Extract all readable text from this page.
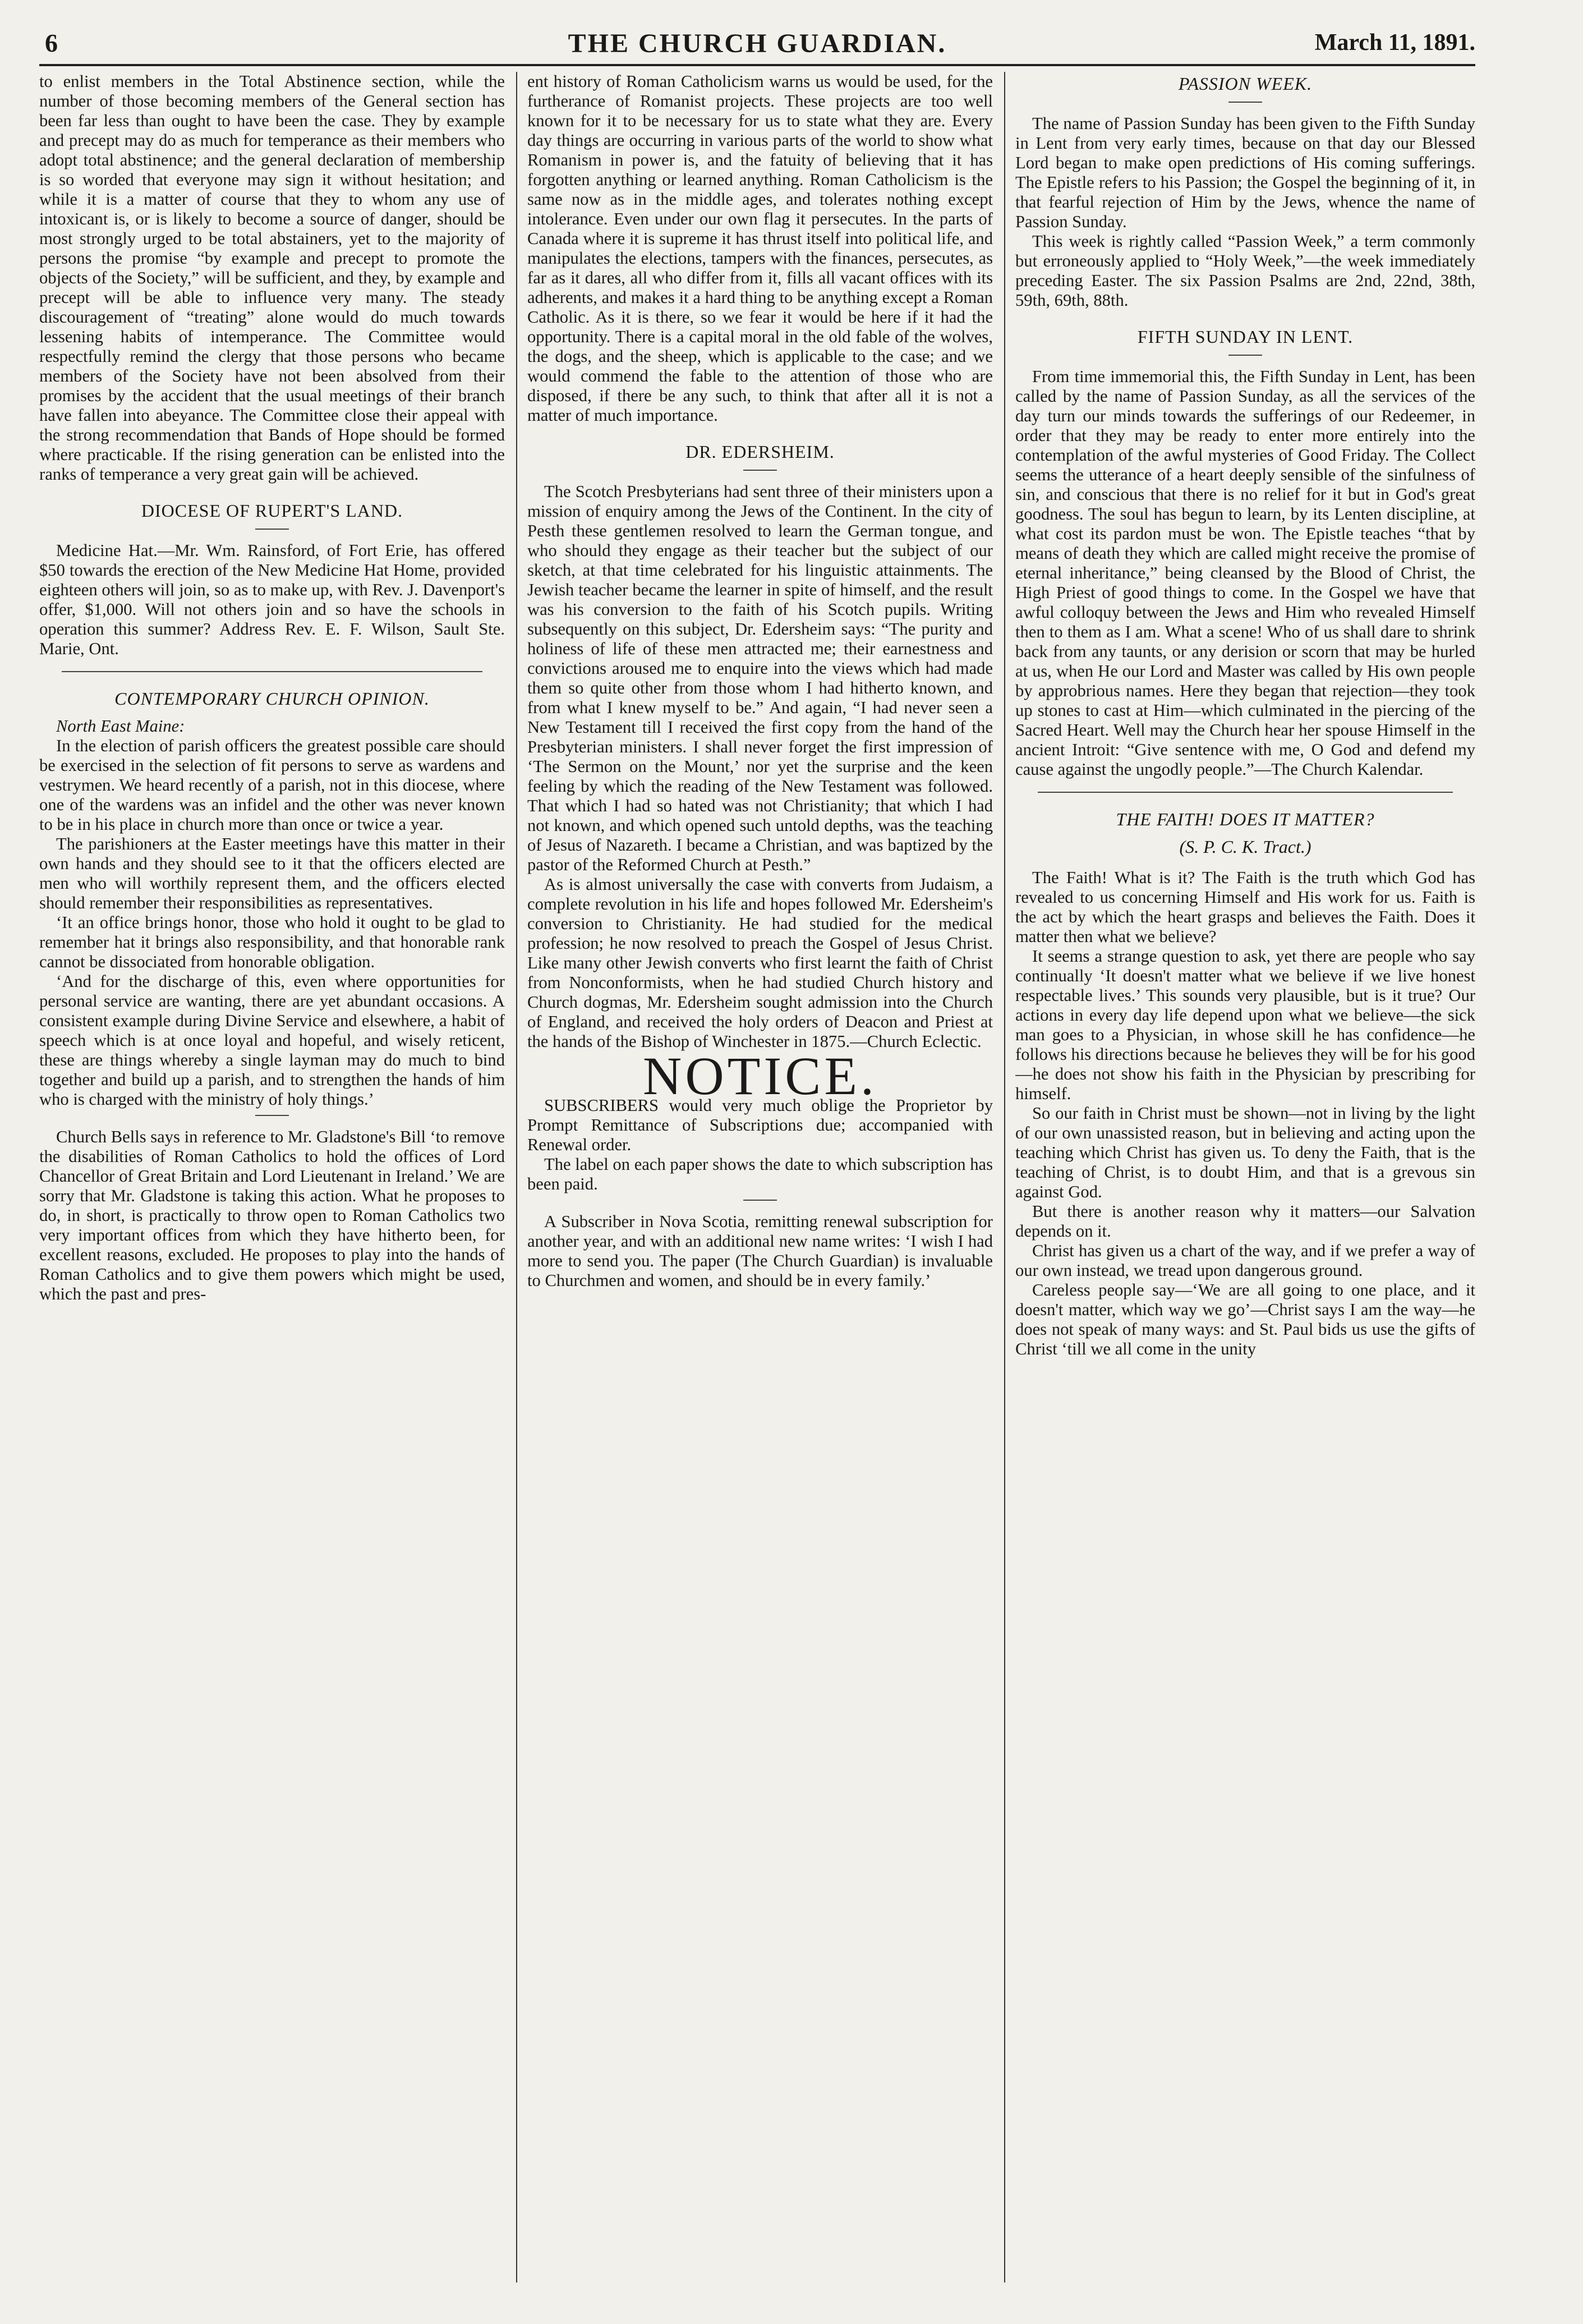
6	THE CHURCH GUARDIAN.	March 11, 1891.

to enlist members in the Total Abstinence section, while the number of those becoming members of the General section has been far less than ought to have been the case. They by example and precept may do as much for temperance as their members who adopt total abstinence; and the general declaration of membership is so worded that everyone may sign it without hesitation; and while it is a matter of course that they to whom any use of intoxicant is, or is likely to become a source of danger, should be most strongly urged to be total abstainers, yet to the majority of persons the promise “by example and precept to promote the objects of the Society,” will be sufficient, and they, by example and precept will be able to influence very many. The steady discouragement of “treating” alone would do much towards lessening habits of intemperance. The Committee would respectfully remind the clergy that those persons who became members of the Society have not been absolved from their promises by the accident that the usual meetings of their branch have fallen into abeyance. The Committee close their appeal with the strong recommendation that Bands of Hope should be formed where practicable. If the rising generation can be enlisted into the ranks of temperance a very great gain will be achieved.

DIOCESE OF RUPERT'S LAND.

Medicine Hat.—Mr. Wm. Rainsford, of Fort Erie, has offered $50 towards the erection of the New Medicine Hat Home, provided eighteen others will join, so as to make up, with Rev. J. Davenport's offer, $1,000. Will not others join and so have the schools in operation this summer? Address Rev. E. F. Wilson, Sault Ste. Marie, Ont.

CONTEMPORARY CHURCH OPINION.

North East Maine:

In the election of parish officers the greatest possible care should be exercised in the selection of fit persons to serve as wardens and vestrymen. We heard recently of a parish, not in this diocese, where one of the wardens was an infidel and the other was never known to be in his place in church more than once or twice a year.

The parishioners at the Easter meetings have this matter in their own hands and they should see to it that the officers elected are men who will worthily represent them, and the officers elected should remember their responsibilities as representatives.

‘It an office brings honor, those who hold it ought to be glad to remember hat it brings also responsibility, and that honorable rank cannot be dissociated from honorable obligation.

‘And for the discharge of this, even where opportunities for personal service are wanting, there are yet abundant occasions. A consistent example during Divine Service and elsewhere, a habit of speech which is at once loyal and hopeful, and wisely reticent, these are things whereby a single layman may do much to bind together and build up a parish, and to strengthen the hands of him who is charged with the ministry of holy things.’

Church Bells says in reference to Mr. Gladstone's Bill ‘to remove the disabilities of Roman Catholics to hold the offices of Lord Chancellor of Great Britain and Lord Lieutenant in Ireland.’ We are sorry that Mr. Gladstone is taking this action. What he proposes to do, in short, is practically to throw open to Roman Catholics two very important offices from which they have hitherto been, for excellent reasons, excluded. He proposes to play into the hands of Roman Catholics and to give them powers which might be used, which the past and pres-

ent history of Roman Catholicism warns us would be used, for the furtherance of Romanist projects. These projects are too well known for it to be necessary for us to state what they are. Every day things are occurring in various parts of the world to show what Romanism in power is, and the fatuity of believing that it has forgotten anything or learned anything. Roman Catholicism is the same now as in the middle ages, and tolerates nothing except intolerance. Even under our own flag it persecutes. In the parts of Canada where it is supreme it has thrust itself into political life, and manipulates the elections, tampers with the finances, persecutes, as far as it dares, all who differ from it, fills all vacant offices with its adherents, and makes it a hard thing to be anything except a Roman Catholic. As it is there, so we fear it would be here if it had the opportunity. There is a capital moral in the old fable of the wolves, the dogs, and the sheep, which is applicable to the case; and we would commend the fable to the attention of those who are disposed, if there be any such, to think that after all it is not a matter of much importance.

DR. EDERSHEIM.

The Scotch Presbyterians had sent three of their ministers upon a mission of enquiry among the Jews of the Continent. In the city of Pesth these gentlemen resolved to learn the German tongue, and who should they engage as their teacher but the subject of our sketch, at that time celebrated for his linguistic attainments. The Jewish teacher became the learner in spite of himself, and the result was his conversion to the faith of his Scotch pupils. Writing subsequently on this subject, Dr. Edersheim says: “The purity and holiness of life of these men attracted me; their earnestness and convictions aroused me to enquire into the views which had made them so quite other from those whom I had hitherto known, and from what I knew myself to be.” And again, “I had never seen a New Testament till I received the first copy from the hand of the Presbyterian ministers. I shall never forget the first impression of ‘The Sermon on the Mount,’ nor yet the surprise and the keen feeling by which the reading of the New Testament was followed. That which I had so hated was not Christianity; that which I had not known, and which opened such untold depths, was the teaching of Jesus of Nazareth. I became a Christian, and was baptized by the pastor of the Reformed Church at Pesth.”

As is almost universally the case with converts from Judaism, a complete revolution in his life and hopes followed Mr. Edersheim's conversion to Christianity. He had studied for the medical profession; he now resolved to preach the Gospel of Jesus Christ. Like many other Jewish converts who first learnt the faith of Christ from Nonconformists, when he had studied Church history and Church dogmas, Mr. Edersheim sought admission into the Church of England, and received the holy orders of Deacon and Priest at the hands of the Bishop of Winchester in 1875.—Church Eclectic.

NOTICE.

SUBSCRIBERS would very much oblige the Proprietor by Prompt Remittance of Subscriptions due; accompanied with Renewal order.

The label on each paper shows the date to which subscription has been paid.

A Subscriber in Nova Scotia, remitting renewal subscription for another year, and with an additional new name writes: ‘I wish I had more to send you. The paper (The Church Guardian) is invaluable to Churchmen and women, and should be in every family.’

PASSION WEEK.

The name of Passion Sunday has been given to the Fifth Sunday in Lent from very early times, because on that day our Blessed Lord began to make open predictions of His coming sufferings. The Epistle refers to his Passion; the Gospel the beginning of it, in that fearful rejection of Him by the Jews, whence the name of Passion Sunday.

This week is rightly called “Passion Week,” a term commonly but erroneously applied to “Holy Week,”—the week immediately preceding Easter. The six Passion Psalms are 2nd, 22nd, 38th, 59th, 69th, 88th.

FIFTH SUNDAY IN LENT.

From time immemorial this, the Fifth Sunday in Lent, has been called by the name of Passion Sunday, as all the services of the day turn our minds towards the sufferings of our Redeemer, in order that they may be ready to enter more entirely into the contemplation of the awful mysteries of Good Friday. The Collect seems the utterance of a heart deeply sensible of the sinfulness of sin, and conscious that there is no relief for it but in God's great goodness. The soul has begun to learn, by its Lenten discipline, at what cost its pardon must be won. The Epistle teaches “that by means of death they which are called might receive the promise of eternal inheritance,” being cleansed by the Blood of Christ, the High Priest of good things to come. In the Gospel we have that awful colloquy between the Jews and Him who revealed Himself then to them as I am. What a scene! Who of us shall dare to shrink back from any taunts, or any derision or scorn that may be hurled at us, when He our Lord and Master was called by His own people by approbrious names. Here they began that rejection—they took up stones to cast at Him—which culminated in the piercing of the Sacred Heart. Well may the Church hear her spouse Himself in the ancient Introit: “Give sentence with me, O God and defend my cause against the ungodly people.”—The Church Kalendar.

THE FAITH! DOES IT MATTER?
(S. P. C. K. Tract.)

The Faith! What is it? The Faith is the truth which God has revealed to us concerning Himself and His work for us. Faith is the act by which the heart grasps and believes the Faith. Does it matter then what we believe?

It seems a strange question to ask, yet there are people who say continually ‘It doesn't matter what we believe if we live honest respectable lives.’ This sounds very plausible, but is it true? Our actions in every day life depend upon what we believe—the sick man goes to a Physician, in whose skill he has confidence—he follows his directions because he believes they will be for his good—he does not show his faith in the Physician by prescribing for himself.

So our faith in Christ must be shown—not in living by the light of our own unassisted reason, but in believing and acting upon the teaching which Christ has given us. To deny the Faith, that is the teaching of Christ, is to doubt Him, and that is a grevous sin against God.

But there is another reason why it matters—our Salvation depends on it.

Christ has given us a chart of the way, and if we prefer a way of our own instead, we tread upon dangerous ground.

Careless people say—‘We are all going to one place, and it doesn't matter, which way we go’—Christ says I am the way—he does not speak of many ways: and St. Paul bids us use the gifts of Christ ‘till we all come in the unity
